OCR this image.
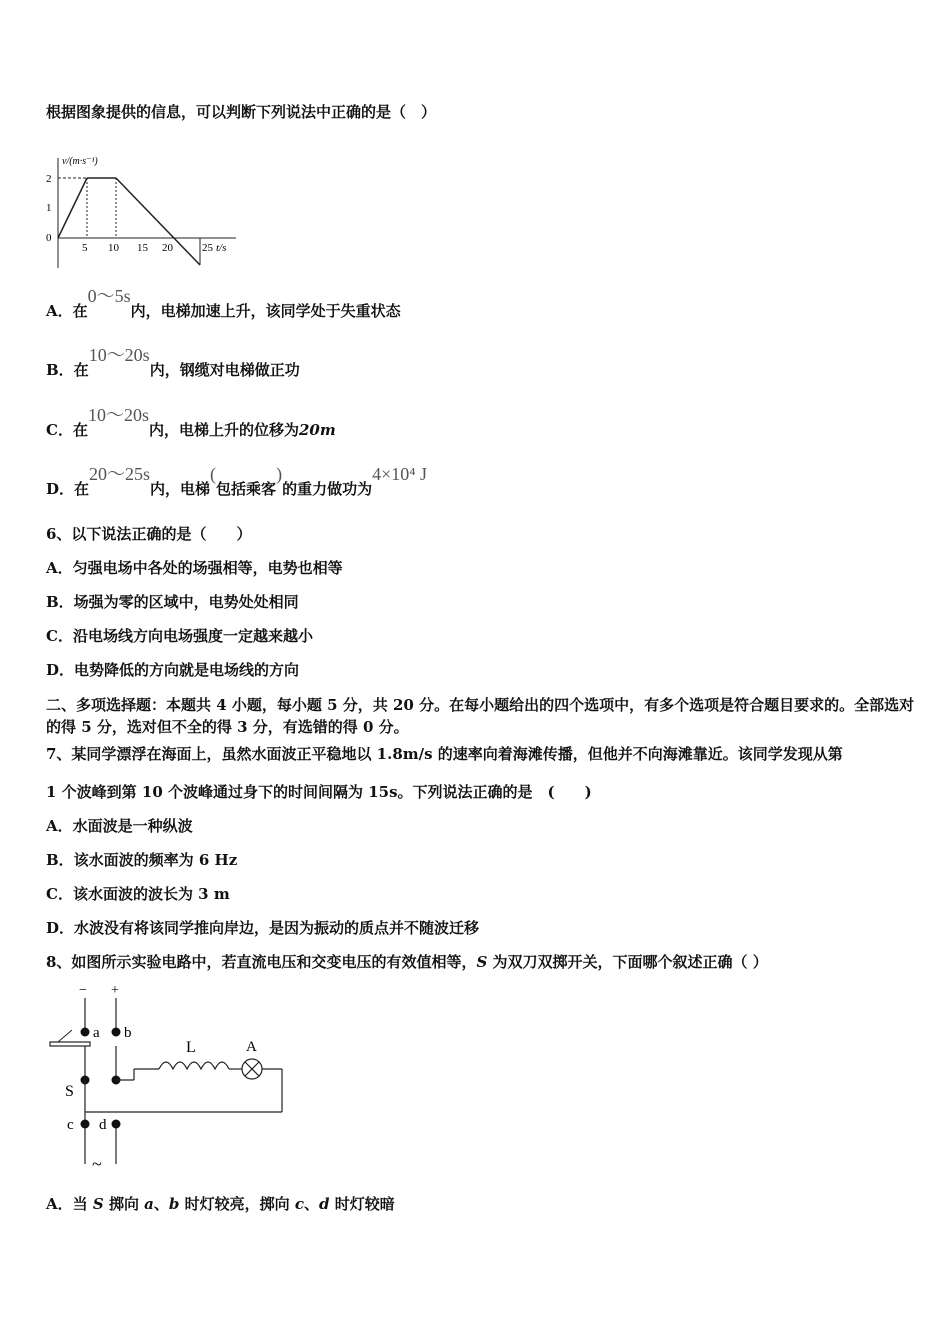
根据图象提供的信息，可以判断下列说法中正确的是（　）
v/(m·s⁻¹)
2
1
0
5 10 15 20	25 t/s
A．在0～5s内，电梯加速上升，该同学处于失重状态
B．在10～20s内，钢缆对电梯做正功
C．在10～20s内，电梯上升的位移为20m
D．在20～25s内，电梯(包括乘客)的重力做功为4×10⁴ J
6、以下说法正确的是（　　）
A．匀强电场中各处的场强相等，电势也相等
B．场强为零的区域中，电势处处相同
C．沿电场线方向电场强度一定越来越小
D．电势降低的方向就是电场线的方向
二、多项选择题：本题共 4 小题，每小题 5 分，共 20 分。在每小题给出的四个选项中，有多个选项是符合题目要求的。全部选对的得 5 分，选对但不全的得 3 分，有选错的得 0 分。
7、某同学漂浮在海面上，虽然水面波正平稳地以 1.8m/s 的速率向着海滩传播，但他并不向海滩靠近。该同学发现从第
1 个波峰到第 10 个波峰通过身下的时间间隔为 15s。下列说法正确的是　(　　)
A．水面波是一种纵波
B．该水面波的频率为 6 Hz
C．该水面波的波长为 3 m
D．水波没有将该同学推向岸边，是因为振动的质点并不随波迁移
8、如图所示实验电路中，若直流电压和交变电压的有效值相等，S 为双刀双掷开关，下面哪个叙述正确（ ）
− +
a b
S
L	A
c d
~
A．当 S 掷向 a、b 时灯较亮，掷向 c、d 时灯较暗
